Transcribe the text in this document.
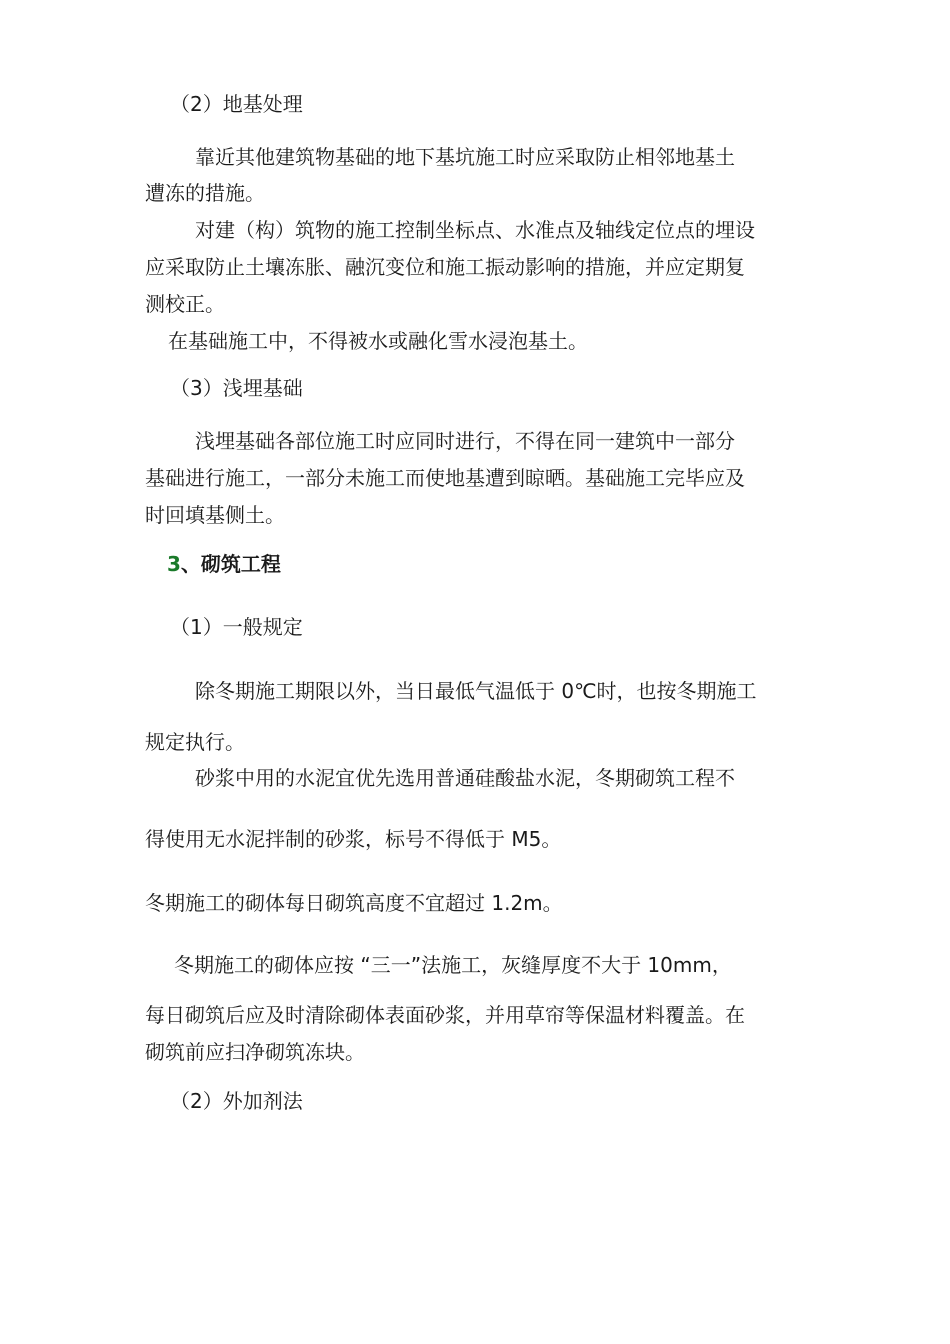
（2）地基处理

靠近其他建筑物基础的地下基坑施工时应采取防止相邻地基土

遭冻的措施。

对建（构）筑物的施工控制坐标点、水准点及轴线定位点的埋设

应采取防止土壤冻胀、融沉变位和施工振动影响的措施，并应定期复

测校正。

在基础施工中，不得被水或融化雪水浸泡基土。

（3）浅埋基础

浅埋基础各部位施工时应同时进行，不得在同一建筑中一部分

基础进行施工，一部分未施工而使地基遭到晾晒。基础施工完毕应及

时回填基侧土。

3、砌筑工程

（1）一般规定

除冬期施工期限以外，当日最低气温低于 0℃时，也按冬期施工

规定执行。

砂浆中用的水泥宜优先选用普通硅酸盐水泥，冬期砌筑工程不

得使用无水泥拌制的砂浆，标号不得低于 M5。

冬期施工的砌体每日砌筑高度不宜超过 1.2m。

冬期施工的砌体应按 “三一”法施工，灰缝厚度不大于 10mm，

每日砌筑后应及时清除砌体表面砂浆，并用草帘等保温材料覆盖。在

砌筑前应扫净砌筑冻块。

（2）外加剂法
